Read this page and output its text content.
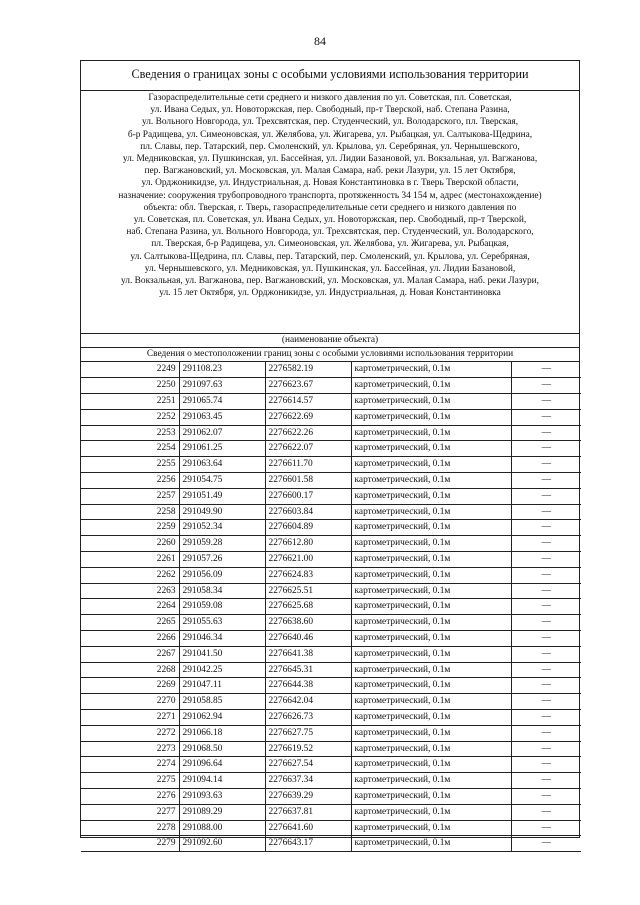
84
Сведения о границах зоны с особыми условиями использования территории

Газораспределительные сети среднего и низкого давления по ул. Советская, пл. Советская,

ул. Ивана Седых, ул. Новоторжская, пер. Свободный, пр-т Тверской, наб. Степана Разина,

ул. Вольного Новгорода, ул. Трехсвятская, пер. Студенческий, ул. Володарского, пл. Тверская,

б-р Радищева, ул. Симеоновская, ул. Желябова, ул. Жигарева, ул. Рыбацкая, ул. Салтыкова-Щедрина,

пл. Славы, пер. Татарский, пер. Смоленский, ул. Крылова, ул. Серебряная, ул. Чернышевского,

ул. Медниковская, ул. Пушкинская, ул. Бассейная, ул. Лидии Базановой, ул. Вокзальная, ул. Вагжанова,

пер. Вагжановский, ул. Московская, ул. Малая Самара, наб. реки Лазури, ул. 15 лет Октября,

ул. Орджоникидзе, ул. Индустриальная, д. Новая Константиновка в г. Тверь Тверской области,

назначение: сооружения трубопроводного транспорта, протяженность 34 154 м, адрес (местонахождение)

объекта: обл. Тверская, г. Тверь, газораспределительные сети среднего и низкого давления по

ул. Советская, пл. Советская, ул. Ивана Седых, ул. Новоторжская, пер. Свободный, пр-т Тверской,

наб. Степана Разина, ул. Вольного Новгорода, ул. Трехсвятская, пер. Студенческий, ул. Володарского,

пл. Тверская, б-р Радищева, ул. Симеоновская, ул. Желябова, ул. Жигарева, ул. Рыбацкая,

ул. Салтыкова-Щедрина, пл. Славы, пер. Татарский, пер. Смоленский, ул. Крылова, ул. Серебряная,

ул. Чернышевского, ул. Медниковская, ул. Пушкинская, ул. Бассейная, ул. Лидии Базановой,

ул. Вокзальная, ул. Вагжанова, пер. Вагжановский, ул. Московская, ул. Малая Самара, наб. реки Лазури,

ул. 15 лет Октября, ул. Орджоникидзе, ул. Индустриальная, д. Новая Константиновка

(наименование объекта)
Сведения о местоположении границ зоны с особыми условиями использования территории
2249	291108.23	2276582.19	картометрический, 0.1м	—
2250	291097.63	2276623.67	картометрический, 0.1м	—
2251	291065.74	2276614.57	картометрический, 0.1м	—
2252	291063.45	2276622.69	картометрический, 0.1м	—
2253	291062.07	2276622.26	картометрический, 0.1м	—
2254	291061.25	2276622.07	картометрический, 0.1м	—
2255	291063.64	2276611.70	картометрический, 0.1м	—
2256	291054.75	2276601.58	картометрический, 0.1м	—
2257	291051.49	2276600.17	картометрический, 0.1м	—
2258	291049.90	2276603.84	картометрический, 0.1м	—
2259	291052.34	2276604.89	картометрический, 0.1м	—
2260	291059.28	2276612.80	картометрический, 0.1м	—
2261	291057.26	2276621.00	картометрический, 0.1м	—
2262	291056.09	2276624.83	картометрический, 0.1м	—
2263	291058.34	2276625.51	картометрический, 0.1м	—
2264	291059.08	2276625.68	картометрический, 0.1м	—
2265	291055.63	2276638.60	картометрический, 0.1м	—
2266	291046.34	2276640.46	картометрический, 0.1м	—
2267	291041.50	2276641.38	картометрический, 0.1м	—
2268	291042.25	2276645.31	картометрический, 0.1м	—
2269	291047.11	2276644.38	картометрический, 0.1м	—
2270	291058.85	2276642.04	картометрический, 0.1м	—
2271	291062.94	2276626.73	картометрический, 0.1м	—
2272	291066.18	2276627.75	картометрический, 0.1м	—
2273	291068.50	2276619.52	картометрический, 0.1м	—
2274	291096.64	2276627.54	картометрический, 0.1м	—
2275	291094.14	2276637.34	картометрический, 0.1м	—
2276	291093.63	2276639.29	картометрический, 0.1м	—
2277	291089.29	2276637.81	картометрический, 0.1м	—
2278	291088.00	2276641.60	картометрический, 0.1м	—
2279	291092.60	2276643.17	картометрический, 0.1м	—
